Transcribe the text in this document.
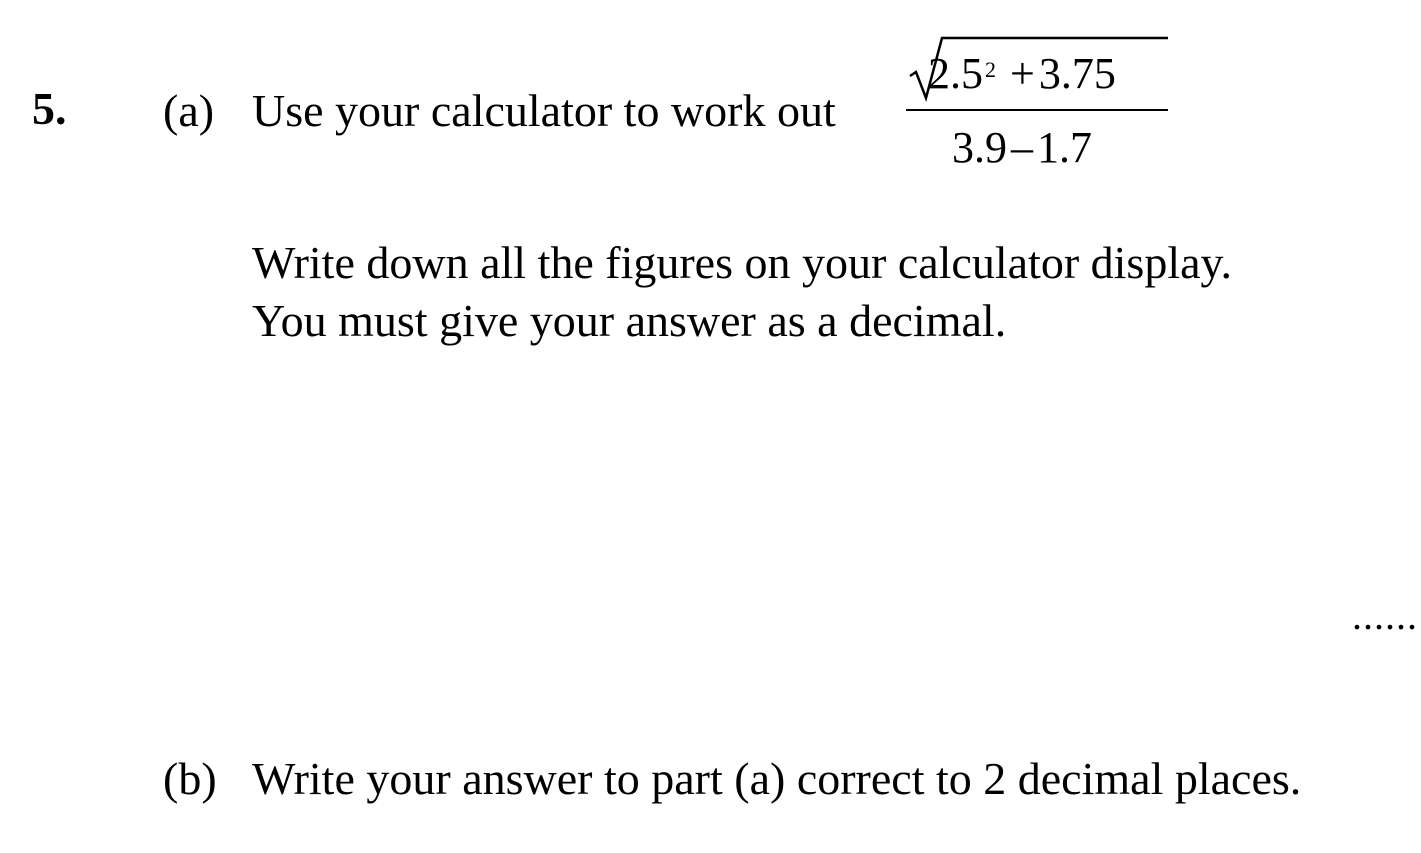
5. (a) Use your calculator to work out
$2.5^2 +3.75$
3.9–1.7
Write down all the figures on your calculator display.
You must give your answer as a decimal.
......
(b) Write your answer to part (a) correct to 2 decimal places.
